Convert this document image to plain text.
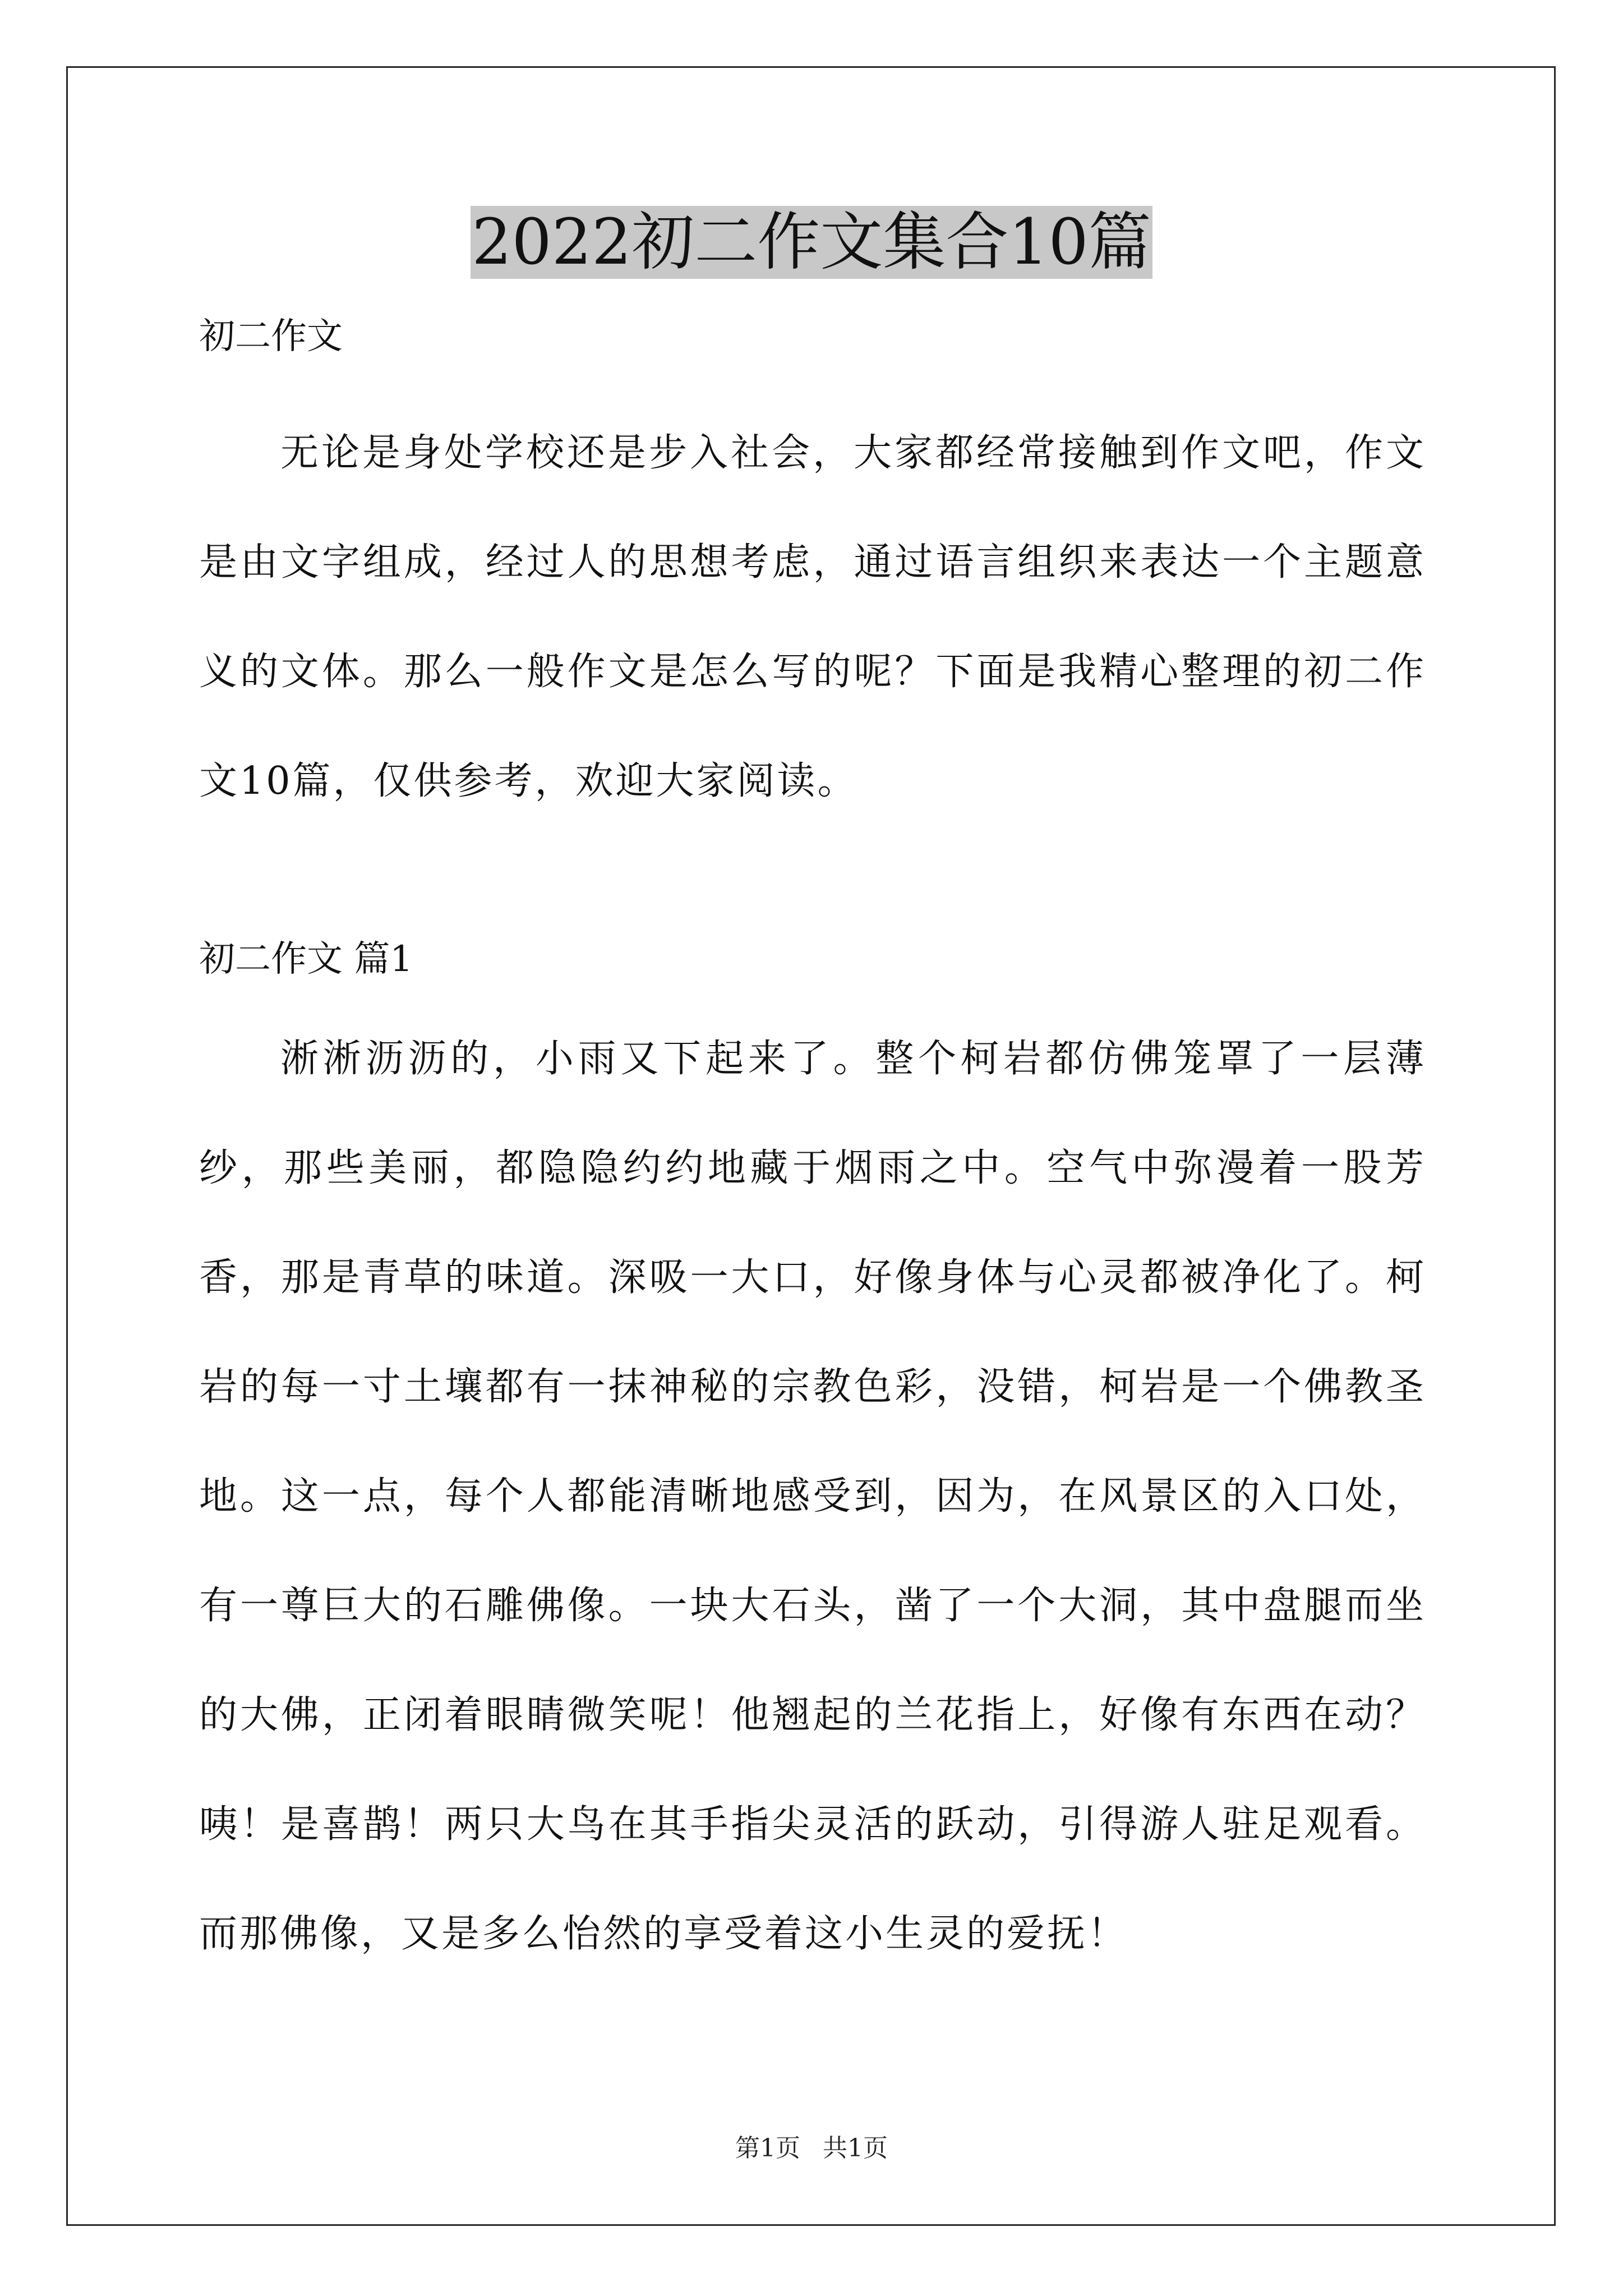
2022初二作文集合10篇

初二作文

无论是身处学校还是步入社会，大家都经常接触到作文吧，作文是由文字组成，经过人的思想考虑，通过语言组织来表达一个主题意义的文体。那么一般作文是怎么写的呢？下面是我精心整理的初二作文10篇，仅供参考，欢迎大家阅读。

初二作文 篇1

淅淅沥沥的，小雨又下起来了。整个柯岩都仿佛笼罩了一层薄纱，那些美丽，都隐隐约约地藏于烟雨之中。空气中弥漫着一股芳香，那是青草的味道。深吸一大口，好像身体与心灵都被净化了。柯岩的每一寸土壤都有一抹神秘的宗教色彩，没错，柯岩是一个佛教圣地。这一点，每个人都能清晰地感受到，因为，在风景区的入口处，有一尊巨大的石雕佛像。一块大石头，凿了一个大洞，其中盘腿而坐的大佛，正闭着眼睛微笑呢！他翘起的兰花指上，好像有东西在动？咦！是喜鹊！两只大鸟在其手指尖灵活的跃动，引得游人驻足观看。而那佛像，又是多么怡然的享受着这小生灵的爱抚！

第1页 共1页
